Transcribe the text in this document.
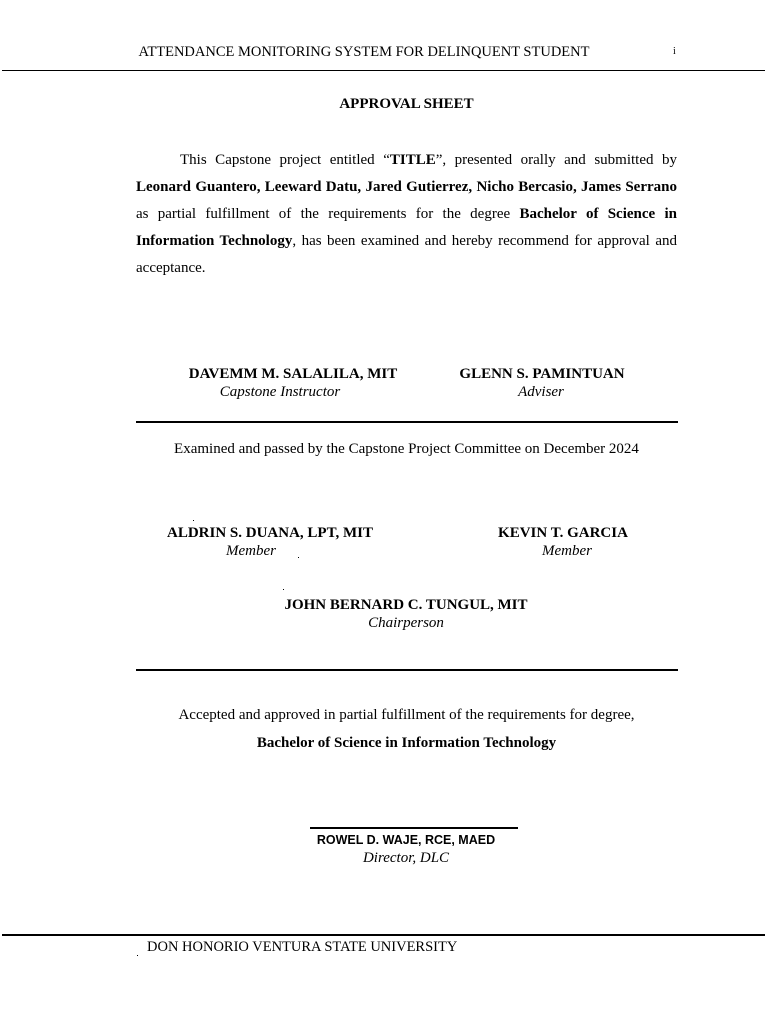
ATTENDANCE MONITORING SYSTEM FOR DELINQUENT STUDENT	i
APPROVAL SHEET
This Capstone project entitled “TITLE”, presented orally and submitted by Leonard Guantero, Leeward Datu, Jared Gutierrez, Nicho Bercasio, James Serrano as partial fulfillment of the requirements for the degree Bachelor of Science in Information Technology, has been examined and hereby recommend for approval and acceptance.
DAVEMM M. SALALILA, MIT
Capstone Instructor
GLENN S. PAMINTUAN
Adviser
Examined and passed by the Capstone Project Committee on December 2024
ALDRIN S. DUANA, LPT, MIT
Member
KEVIN T. GARCIA
Member
JOHN BERNARD C. TUNGUL, MIT
Chairperson
Accepted and approved in partial fulfillment of the requirements for degree,
Bachelor of Science in Information Technology
ROWEL D. WAJE, RCE, MAED
Director, DLC
DON HONORIO VENTURA STATE UNIVERSITY
